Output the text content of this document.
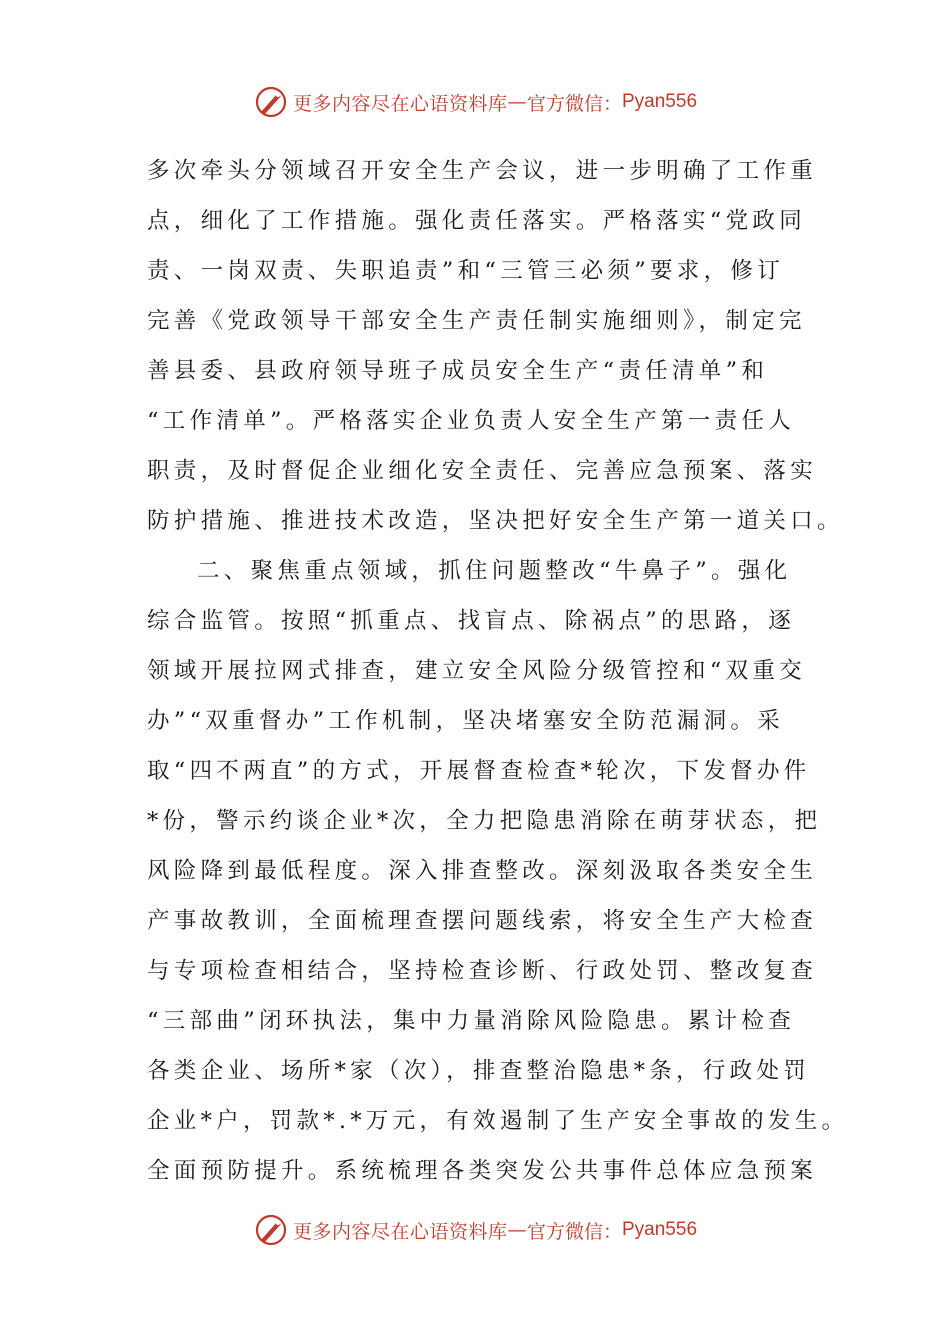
更多内容尽在心语资料库 — 官方微信： Pyan556
多次牵头分领域召开安全生产会议，进一步明确了工作重
点，细化了工作措施。强化责任落实。严格落实“党政同
责、一岗双责、失职追责”和“三管三必须”要求，修订
完善《党政领导干部安全生产责任制实施细则》，制定完
善县委、县政府领导班子成员安全生产“责任清单”和
“工作清单”。严格落实企业负责人安全生产第一责任人
职责，及时督促企业细化安全责任、完善应急预案、落实
防护措施、推进技术改造，坚决把好安全生产第一道关口。
二、聚焦重点领域，抓住问题整改“牛鼻子”。强化
综合监管。按照“抓重点、找盲点、除祸点”的思路，逐
领域开展拉网式排查，建立安全风险分级管控和“双重交
办”“双重督办”工作机制，坚决堵塞安全防范漏洞。采
取“四不两直”的方式，开展督查检查*轮次，下发督办件
*份，警示约谈企业*次，全力把隐患消除在萌芽状态，把
风险降到最低程度。深入排查整改。深刻汲取各类安全生
产事故教训，全面梳理查摆问题线索，将安全生产大检查
与专项检查相结合，坚持检查诊断、行政处罚、整改复查
“三部曲”闭环执法，集中力量消除风险隐患。累计检查
各类企业、场所*家（次），排查整治隐患*条，行政处罚
企业*户，罚款*.*万元，有效遏制了生产安全事故的发生。
全面预防提升。系统梳理各类突发公共事件总体应急预案
更多内容尽在心语资料库 — 官方微信： Pyan556
